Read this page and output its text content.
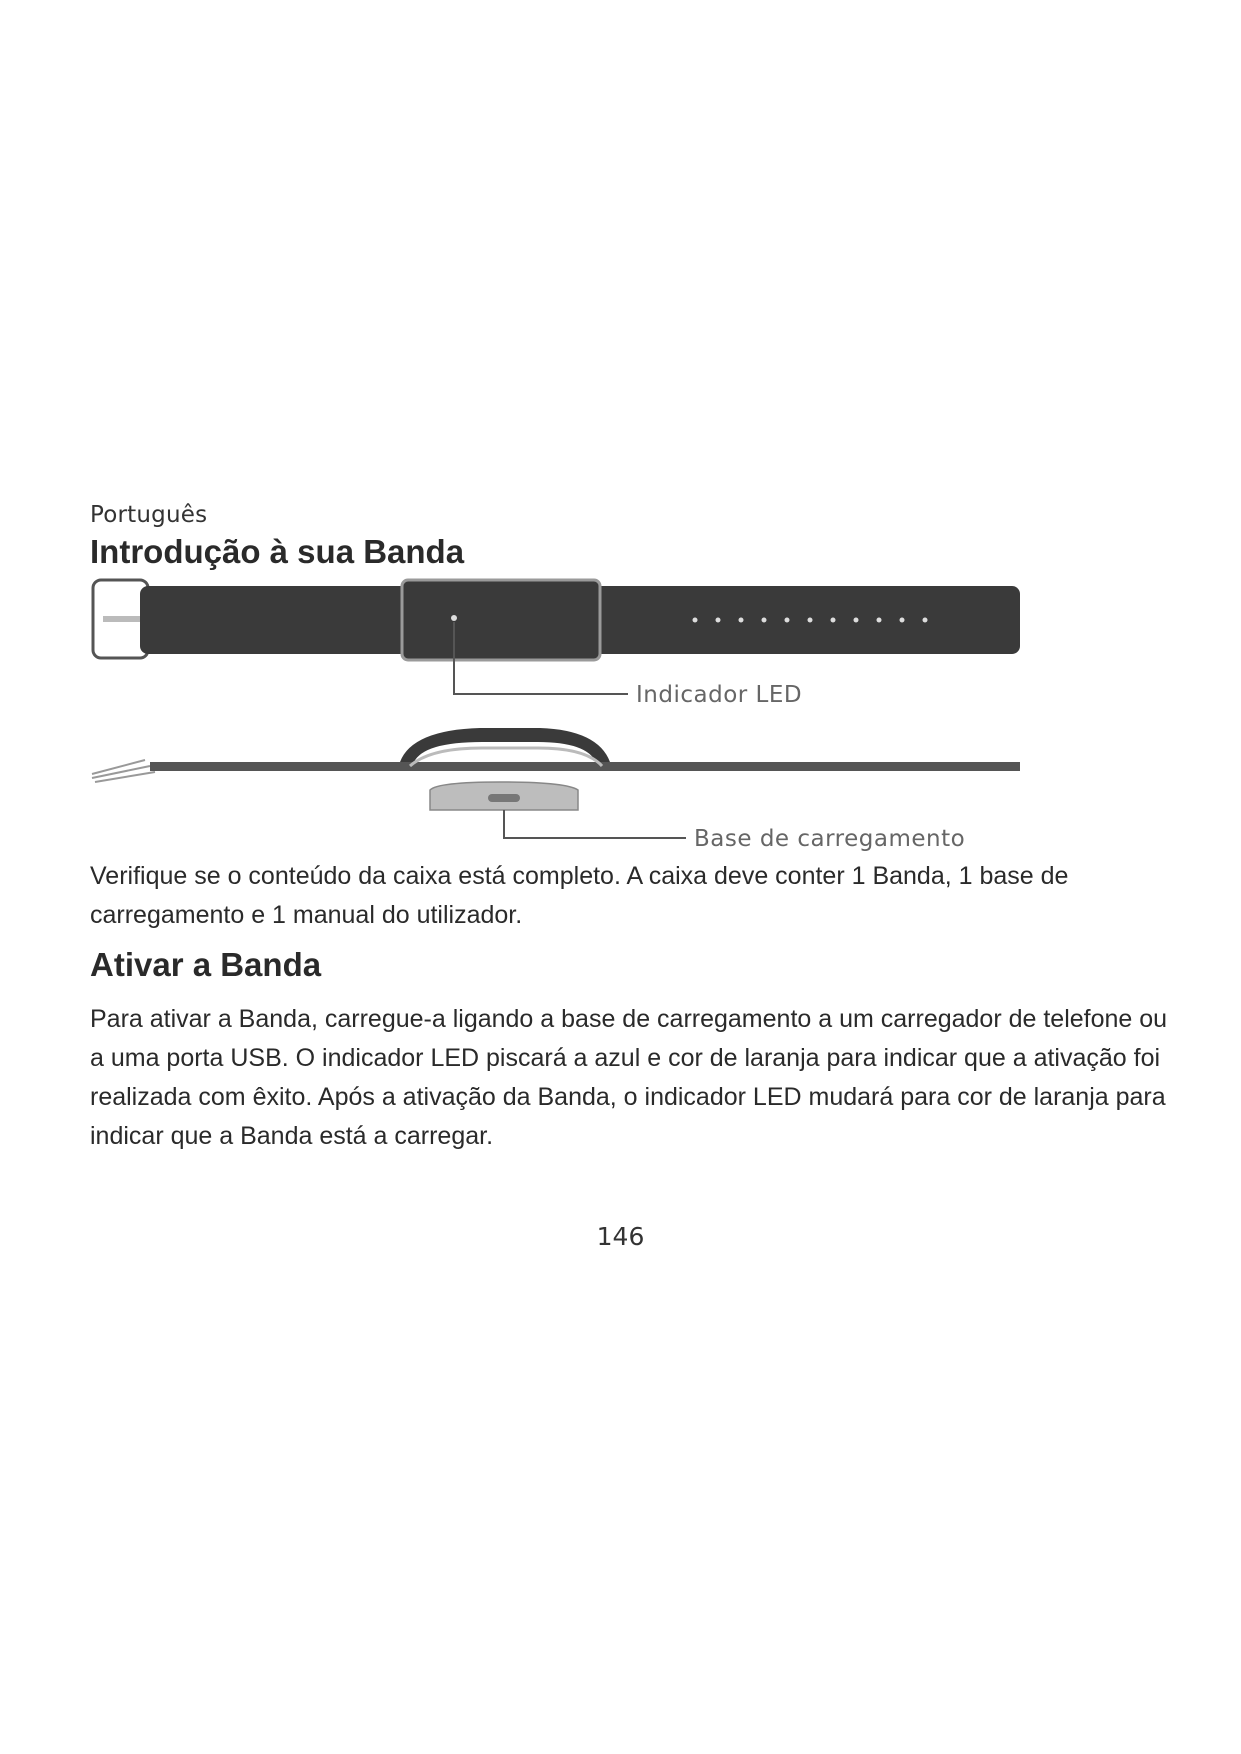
Português
Introdução à sua Banda
Indicador LED
Base de carregamento

Verifique se o conteúdo da caixa está completo. A caixa deve conter 1 Banda, 1 base de carregamento e 1 manual do utilizador.

Ativar a Banda

Para ativar a Banda, carregue-a ligando a base de carregamento a um carregador de telefone ou a uma porta USB. O indicador LED piscará a azul e cor de laranja para indicar que a ativação foi realizada com êxito. Após a ativação da Banda, o indicador LED mudará para cor de laranja para indicar que a Banda está a carregar.

146
